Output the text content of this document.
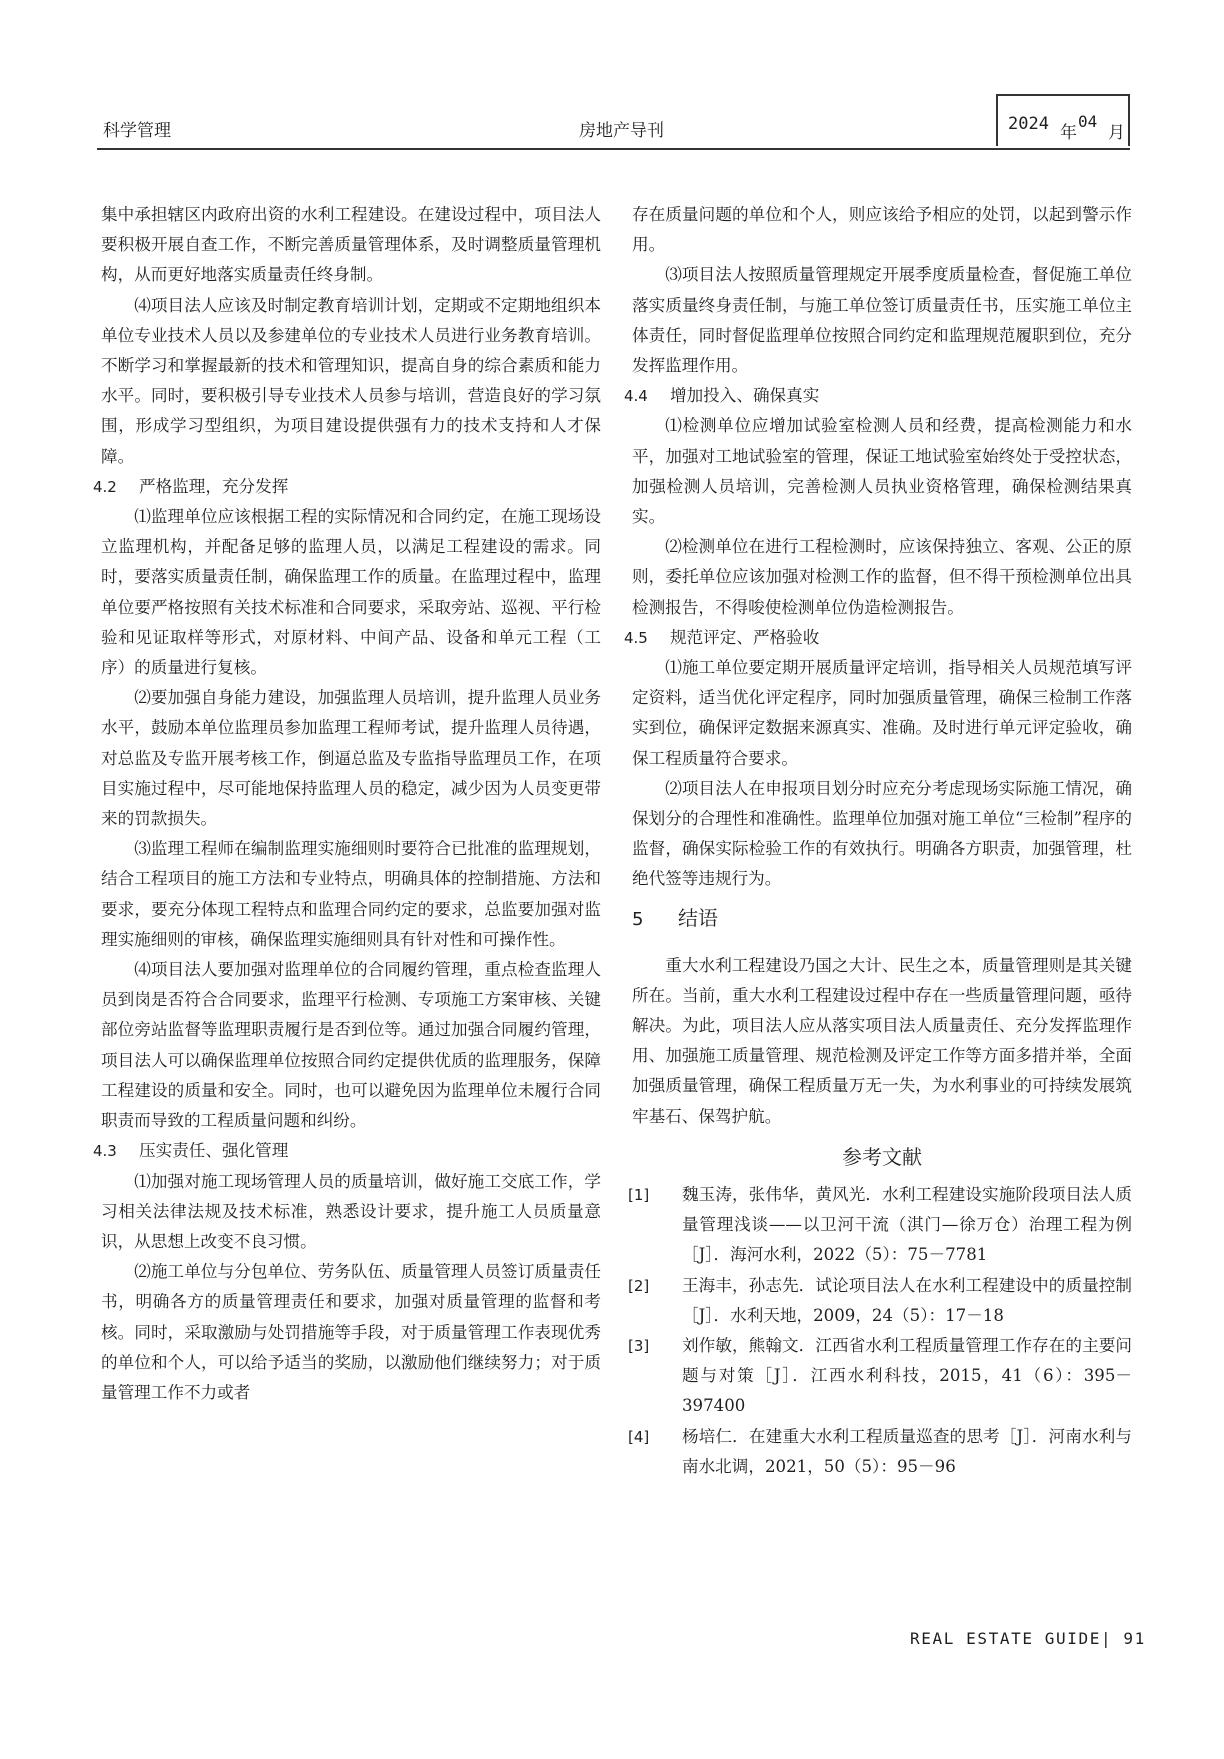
科学管理	房地产导刊	2024 年
04
月

集中承担辖区内政府出资的水利工程建设。在建设过程中，项目法人要积极开展自查工作，不断完善质量管理体系，及时调整质量管理机构，从而更好地落实质量责任终身制。

⑷项目法人应该及时制定教育培训计划，定期或不定期地组织本单位专业技术人员以及参建单位的专业技术人员进行业务教育培训。不断学习和掌握最新的技术和管理知识，提高自身的综合素质和能力水平。同时，要积极引导专业技术人员参与培训，营造良好的学习氛围，形成学习型组织，为项目建设提供强有力的技术支持和人才保障。

4.2 严格监理，充分发挥

⑴监理单位应该根据工程的实际情况和合同约定，在施工现场设立监理机构，并配备足够的监理人员，以满足工程建设的需求。同时，要落实质量责任制，确保监理工作的质量。在监理过程中，监理单位要严格按照有关技术标准和合同要求，采取旁站、巡视、平行检验和见证取样等形式，对原材料、中间产品、设备和单元工程（工序）的质量进行复核。

⑵要加强自身能力建设，加强监理人员培训，提升监理人员业务水平，鼓励本单位监理员参加监理工程师考试，提升监理人员待遇，对总监及专监开展考核工作，倒逼总监及专监指导监理员工作，在项目实施过程中，尽可能地保持监理人员的稳定，减少因为人员变更带来的罚款损失。

⑶监理工程师在编制监理实施细则时要符合已批准的监理规划，结合工程项目的施工方法和专业特点，明确具体的控制措施、方法和要求，要充分体现工程特点和监理合同约定的要求，总监要加强对监理实施细则的审核，确保监理实施细则具有针对性和可操作性。

⑷项目法人要加强对监理单位的合同履约管理，重点检查监理人员到岗是否符合合同要求，监理平行检测、专项施工方案审核、关键部位旁站监督等监理职责履行是否到位等。通过加强合同履约管理，项目法人可以确保监理单位按照合同约定提供优质的监理服务，保障工程建设的质量和安全。同时，也可以避免因为监理单位未履行合同职责而导致的工程质量问题和纠纷。

4.3 压实责任、强化管理

⑴加强对施工现场管理人员的质量培训，做好施工交底工作，学习相关法律法规及技术标准，熟悉设计要求，提升施工人员质量意识，从思想上改变不良习惯。

⑵施工单位与分包单位、劳务队伍、质量管理人员签订质量责任书，明确各方的质量管理责任和要求，加强对质量管理的监督和考核。同时，采取激励与处罚措施等手段，对于质量管理工作表现优秀的单位和个人，可以给予适当的奖励，以激励他们继续努力；对于质量管理工作不力或者

存在质量问题的单位和个人，则应该给予相应的处罚，以起到警示作用。

⑶项目法人按照质量管理规定开展季度质量检查，督促施工单位落实质量终身责任制，与施工单位签订质量责任书，压实施工单位主体责任，同时督促监理单位按照合同约定和监理规范履职到位，充分发挥监理作用。

4.4 增加投入、确保真实

⑴检测单位应增加试验室检测人员和经费，提高检测能力和水平，加强对工地试验室的管理，保证工地试验室始终处于受控状态，加强检测人员培训，完善检测人员执业资格管理，确保检测结果真实。

⑵检测单位在进行工程检测时，应该保持独立、客观、公正的原则，委托单位应该加强对检测工作的监督，但不得干预检测单位出具检测报告，不得唆使检测单位伪造检测报告。

4.5 规范评定、严格验收

⑴施工单位要定期开展质量评定培训，指导相关人员规范填写评定资料，适当优化评定程序，同时加强质量管理，确保三检制工作落实到位，确保评定数据来源真实、准确。及时进行单元评定验收，确保工程质量符合要求。

⑵项目法人在申报项目划分时应充分考虑现场实际施工情况，确保划分的合理性和准确性。监理单位加强对施工单位“三检制”程序的监督，确保实际检验工作的有效执行。明确各方职责，加强管理，杜绝代签等违规行为。

5 结语

重大水利工程建设乃国之大计、民生之本，质量管理则是其关键所在。当前，重大水利工程建设过程中存在一些质量管理问题，亟待解决。为此，项目法人应从落实项目法人质量责任、充分发挥监理作用、加强施工质量管理、规范检测及评定工作等方面多措并举，全面加强质量管理，确保工程质量万无一失，为水利事业的可持续发展筑牢基石、保驾护航。

参考文献
[1] 魏玉涛，张伟华，黄风光．水利工程建设实施阶段项目法人质量管理浅谈——以卫河干流（淇门—徐万仓）治理工程为例［J］．海河水利，2022（5）：75－7781
[2] 王海丰，孙志先．试论项目法人在水利工程建设中的质量控制［J］．水利天地，2009，24（5）：17－18
[3] 刘作敏，熊翰文．江西省水利工程质量管理工作存在的主要问题与对策［J］．江西水利科技，2015，41（6）：395－397400
[4] 杨培仁．在建重大水利工程质量巡查的思考［J］．河南水利与南水北调，2021，50（5）：95－96
REAL ESTATE GUIDE| 91
